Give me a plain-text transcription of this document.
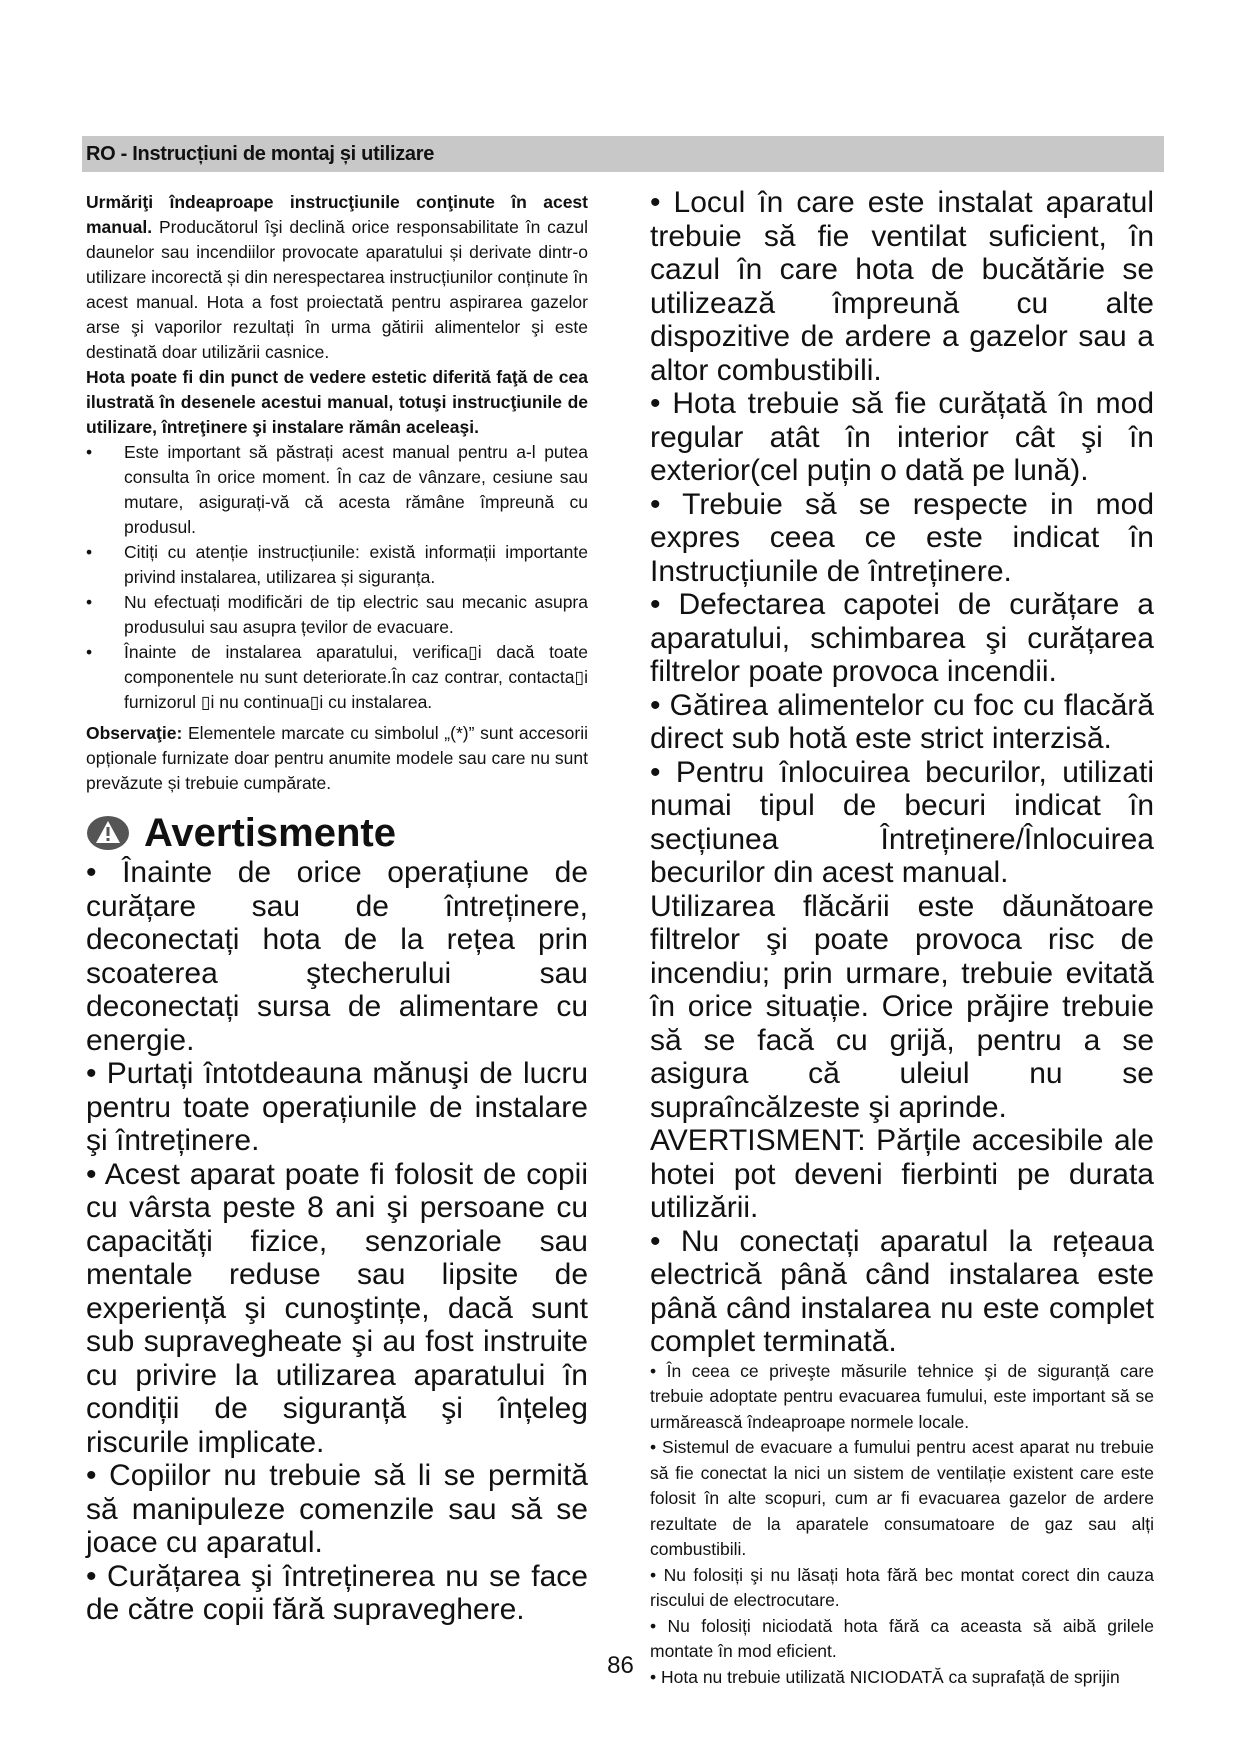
RO - Instrucțiuni de montaj și utilizare

Urmăriţi îndeaproape instrucţiunile conţinute în acest manual. Producătorul îşi declină orice responsabilitate în cazul daunelor sau incendiilor provocate aparatului și derivate dintr-o utilizare incorectă și din nerespectarea instrucțiunilor conținute în acest manual. Hota a fost proiectată pentru aspirarea gazelor arse şi vaporilor rezultați în urma gătirii alimentelor şi este destinată doar utilizării casnice.

Hota poate fi din punct de vedere estetic diferită faţă de cea ilustrată în desenele acestui manual, totuşi instrucţiunile de utilizare, întreţinere şi instalare rămân aceleaşi.

• Este important să păstrați acest manual pentru a-l putea consulta în orice moment. În caz de vânzare, cesiune sau mutare, asigurați-vă că acesta rămâne împreună cu produsul.
• Citiți cu atenție instrucțiunile: există informații importante privind instalarea, utilizarea și siguranța.
• Nu efectuați modificări de tip electric sau mecanic asupra produsului sau asupra țevilor de evacuare.
• Înainte de instalarea aparatului, verifica▯i dacă toate componentele nu sunt deteriorate.În caz contrar, contacta▯i furnizorul ▯i nu continua▯i cu instalarea.

Observaţie: Elementele marcate cu simbolul „(*)” sunt accesorii opționale furnizate doar pentru anumite modele sau care nu sunt prevăzute și trebuie cumpărate.

Avertismente

• Înainte de orice operațiune de curățare sau de întreținere, deconectați hota de la rețea prin scoaterea ştecherului sau deconectați sursa de alimentare cu energie.

• Purtați întotdeauna mănuşi de lucru pentru toate operațiunile de instalare şi întreținere.

• Acest aparat poate fi folosit de copii cu vârsta peste 8 ani şi persoane cu capacități fizice, senzoriale sau mentale reduse sau lipsite de experiență şi cunoştințe, dacă sunt sub supravegheate şi au fost instruite cu privire la utilizarea aparatului în condiții de siguranță şi înțeleg riscurile implicate.

• Copiilor nu trebuie să li se permită să manipuleze comenzile sau să se joace cu aparatul.

• Curățarea şi întreținerea nu se face de către copii fără supraveghere.

• Locul în care este instalat aparatul trebuie să fie ventilat suficient, în cazul în care hota de bucătărie se utilizează împreună cu alte dispozitive de ardere a gazelor sau a altor combustibili.

• Hota trebuie să fie curățată în mod regular atât în interior cât şi în exterior(cel puțin o dată pe lună).

• Trebuie să se respecte in mod expres ceea ce este indicat în Instrucțiunile de întreținere.

• Defectarea capotei de curățare a aparatului, schimbarea şi curățarea filtrelor poate provoca incendii.

• Gătirea alimentelor cu foc cu flacără direct sub hotă este strict interzisă.

• Pentru înlocuirea becurilor, utilizati numai tipul de becuri indicat în secțiunea Întreținere/Înlocuirea becurilor din acest manual.

Utilizarea flăcării este dăunătoare filtrelor şi poate provoca risc de incendiu; prin urmare, trebuie evitată în orice situație. Orice prăjire trebuie să se facă cu grijă, pentru a se asigura că uleiul nu se supraîncălzeste şi aprinde.

AVERTISMENT: Părțile accesibile ale hotei pot deveni fierbinti pe durata utilizării.

• Nu conectați aparatul la rețeaua electrică până când instalarea este până când instalarea nu este complet complet terminată.

• În ceea ce priveşte măsurile tehnice şi de siguranță care trebuie adoptate pentru evacuarea fumului, este important să se urmărească îndeaproape normele locale.

• Sistemul de evacuare a fumului pentru acest aparat nu trebuie să fie conectat la nici un sistem de ventilație existent care este folosit în alte scopuri, cum ar fi evacuarea gazelor de ardere rezultate de la aparatele consumatoare de gaz sau alți combustibili.

• Nu folosiți şi nu lăsați hota fără bec montat corect din cauza riscului de electrocutare.

• Nu folosiți niciodată hota fără ca aceasta să aibă grilele montate în mod eficient.

• Hota nu trebuie utilizată NICIODATĂ ca suprafață de sprijin

86
